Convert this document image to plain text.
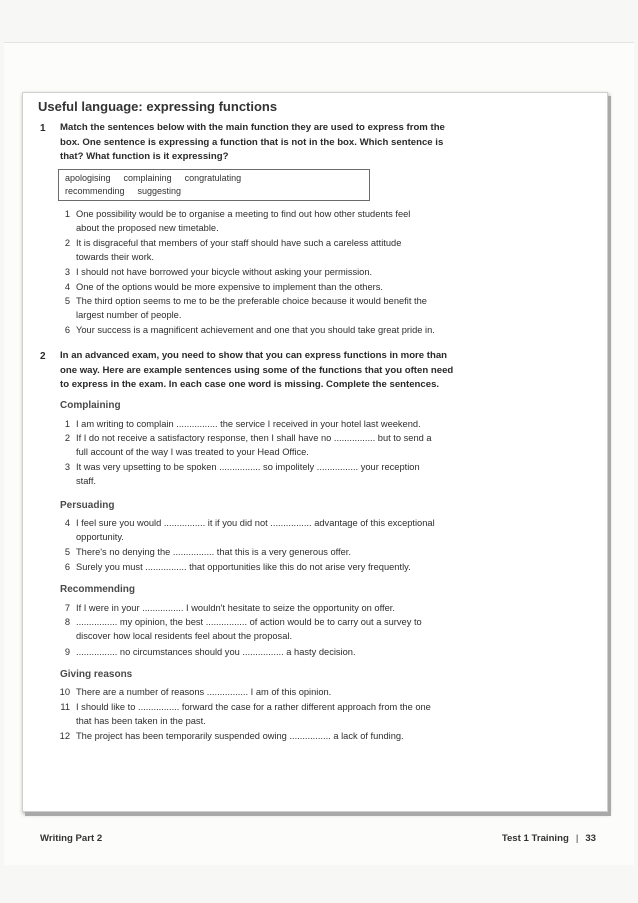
Useful language: expressing functions
1 Match the sentences below with the main function they are used to express from the
box. One sentence is expressing a function that is not in the box. Which sentence is
that? What function is it expressing?
apologising complaining congratulating
recommending suggesting
1 One possibility would be to organise a meeting to find out how other students feel
about the proposed new timetable.
2 It is disgraceful that members of your staff should have such a careless attitude
towards their work.
3 I should not have borrowed your bicycle without asking your permission.
4 One of the options would be more expensive to implement than the others.
5 The third option seems to me to be the preferable choice because it would benefit the
largest number of people.
6 Your success is a magnificent achievement and one that you should take great pride in.
2 In an advanced exam, you need to show that you can express functions in more than
one way. Here are example sentences using some of the functions that you often need
to express in the exam. In each case one word is missing. Complete the sentences.
Complaining
1 I am writing to complain ................ the service I received in your hotel last weekend.
2 If I do not receive a satisfactory response, then I shall have no ................ but to send a
full account of the way I was treated to your Head Office.
3 It was very upsetting to be spoken ................ so impolitely ................ your reception
staff.
Persuading
4 I feel sure you would ................ it if you did not ................ advantage of this exceptional
opportunity.
5 There's no denying the ................ that this is a very generous offer.
6 Surely you must ................ that opportunities like this do not arise very frequently.
Recommending
7 If I were in your ................ I wouldn't hesitate to seize the opportunity on offer.
8 ................ my opinion, the best ................ of action would be to carry out a survey to
discover how local residents feel about the proposal.
9 ................ no circumstances should you ................ a hasty decision.
Giving reasons
10 There are a number of reasons ................ I am of this opinion.
11 I should like to ................ forward the case for a rather different approach from the one
that has been taken in the past.
12 The project has been temporarily suspended owing ................ a lack of funding.
Writing Part 2	Test 1 Training | 33
